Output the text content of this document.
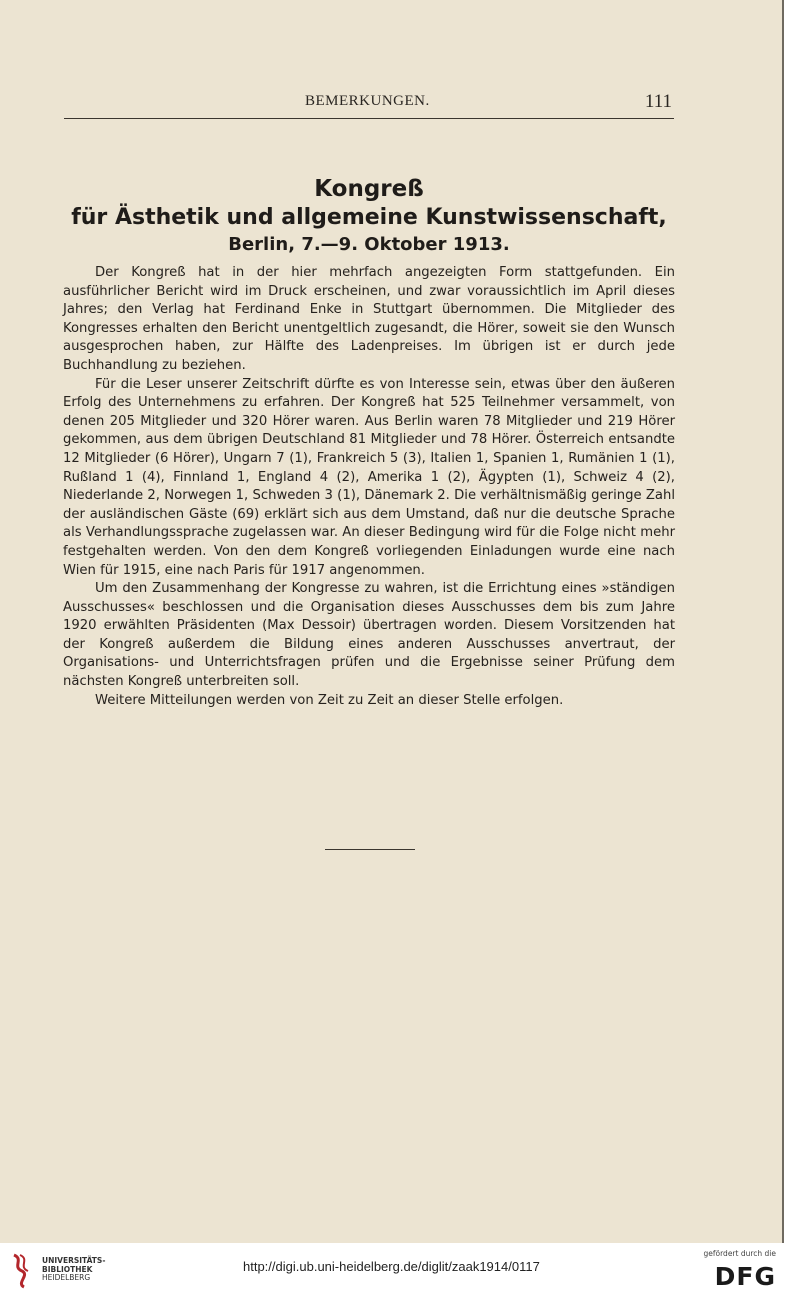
BEMERKUNGEN.	111
Kongreß
für Ästhetik und allgemeine Kunstwissenschaft,
Berlin, 7.—9. Oktober 1913.

Der Kongreß hat in der hier mehrfach angezeigten Form stattgefunden. Ein ausführlicher Bericht wird im Druck erscheinen, und zwar voraussichtlich im April dieses Jahres; den Verlag hat Ferdinand Enke in Stuttgart übernommen. Die Mitglieder des Kongresses erhalten den Bericht unentgeltlich zugesandt, die Hörer, soweit sie den Wunsch ausgesprochen haben, zur Hälfte des Ladenpreises. Im übrigen ist er durch jede Buchhandlung zu beziehen.

Für die Leser unserer Zeitschrift dürfte es von Interesse sein, etwas über den äußeren Erfolg des Unternehmens zu erfahren. Der Kongreß hat 525 Teilnehmer versammelt, von denen 205 Mitglieder und 320 Hörer waren. Aus Berlin waren 78 Mitglieder und 219 Hörer gekommen, aus dem übrigen Deutschland 81 Mitglieder und 78 Hörer. Österreich entsandte 12 Mitglieder (6 Hörer), Ungarn 7 (1), Frankreich 5 (3), Italien 1, Spanien 1, Rumänien 1 (1), Rußland 1 (4), Finnland 1, England 4 (2), Amerika 1 (2), Ägypten (1), Schweiz 4 (2), Niederlande 2, Norwegen 1, Schweden 3 (1), Dänemark 2. Die verhältnismäßig geringe Zahl der ausländischen Gäste (69) erklärt sich aus dem Umstand, daß nur die deutsche Sprache als Verhandlungssprache zugelassen war. An dieser Bedingung wird für die Folge nicht mehr festgehalten werden. Von den dem Kongreß vorliegenden Einladungen wurde eine nach Wien für 1915, eine nach Paris für 1917 angenommen.

Um den Zusammenhang der Kongresse zu wahren, ist die Errichtung eines »ständigen Ausschusses« beschlossen und die Organisation dieses Ausschusses dem bis zum Jahre 1920 erwählten Präsidenten (Max Dessoir) übertragen worden. Diesem Vorsitzenden hat der Kongreß außerdem die Bildung eines anderen Ausschusses anvertraut, der Organisations- und Unterrichtsfragen prüfen und die Ergebnisse seiner Prüfung dem nächsten Kongreß unterbreiten soll.

Weitere Mitteilungen werden von Zeit zu Zeit an dieser Stelle erfolgen.

UNIVERSITÄTS-
BIBLIOTHEK
HEIDELBERG
http://digi.ub.uni-heidelberg.de/diglit/zaak1914/0117
gefördert durch die
DFG
